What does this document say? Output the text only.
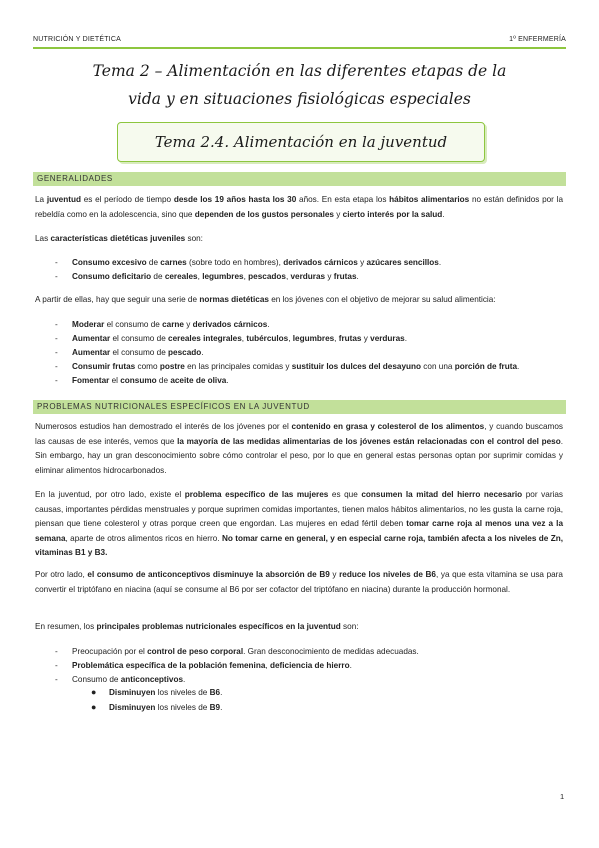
NUTRICIÓN Y DIETÉTICA	1º ENFERMERÍA
Tema 2 – Alimentación en las diferentes etapas de la
vida y en situaciones fisiológicas especiales
Tema 2.4. Alimentación en la juventud
GENERALIDADES
La juventud es el período de tiempo desde los 19 años hasta los 30 años. En esta etapa los hábitos alimentarios no están definidos por la rebeldía como en la adolescencia, sino que dependen de los gustos personales y cierto interés por la salud.
Las características dietéticas juveniles son:
- Consumo excesivo de carnes (sobre todo en hombres), derivados cárnicos y azúcares sencillos.
- Consumo deficitario de cereales, legumbres, pescados, verduras y frutas.
A partir de ellas, hay que seguir una serie de normas dietéticas en los jóvenes con el objetivo de mejorar su salud alimenticia:
- Moderar el consumo de carne y derivados cárnicos.
- Aumentar el consumo de cereales integrales, tubérculos, legumbres, frutas y verduras.
- Aumentar el consumo de pescado.
- Consumir frutas como postre en las principales comidas y sustituir los dulces del desayuno con una porción de fruta.
- Fomentar el consumo de aceite de oliva.
PROBLEMAS NUTRICIONALES ESPECÍFICOS EN LA JUVENTUD
Numerosos estudios han demostrado el interés de los jóvenes por el contenido en grasa y colesterol de los alimentos, y cuando buscamos las causas de ese interés, vemos que la mayoría de las medidas alimentarias de los jóvenes están relacionadas con el control del peso. Sin embargo, hay un gran desconocimiento sobre cómo controlar el peso, por lo que en general estas personas optan por suprimir comidas y eliminar alimentos hidrocarbonados.
En la juventud, por otro lado, existe el problema específico de las mujeres es que consumen la mitad del hierro necesario por varias causas, importantes pérdidas menstruales y porque suprimen comidas importantes, tienen malos hábitos alimentarios, no les gusta la carne roja, piensan que tiene colesterol y otras porque creen que engordan. Las mujeres en edad fértil deben tomar carne roja al menos una vez a la semana, aparte de otros alimentos ricos en hierro. No tomar carne en general, y en especial carne roja, también afecta a los niveles de Zn, vitaminas B1 y B3.
Por otro lado, el consumo de anticonceptivos disminuye la absorción de B9 y reduce los niveles de B6, ya que esta vitamina se usa para convertir el triptófano en niacina (aquí se consume al B6 por ser cofactor del triptófano en niacina) durante la producción hormonal.
En resumen, los principales problemas nutricionales específicos en la juventud son:
- Preocupación por el control de peso corporal. Gran desconocimiento de medidas adecuadas.
- Problemática específica de la población femenina, deficiencia de hierro.
- Consumo de anticonceptivos.
● Disminuyen los niveles de B6.
● Disminuyen los niveles de B9.
1
